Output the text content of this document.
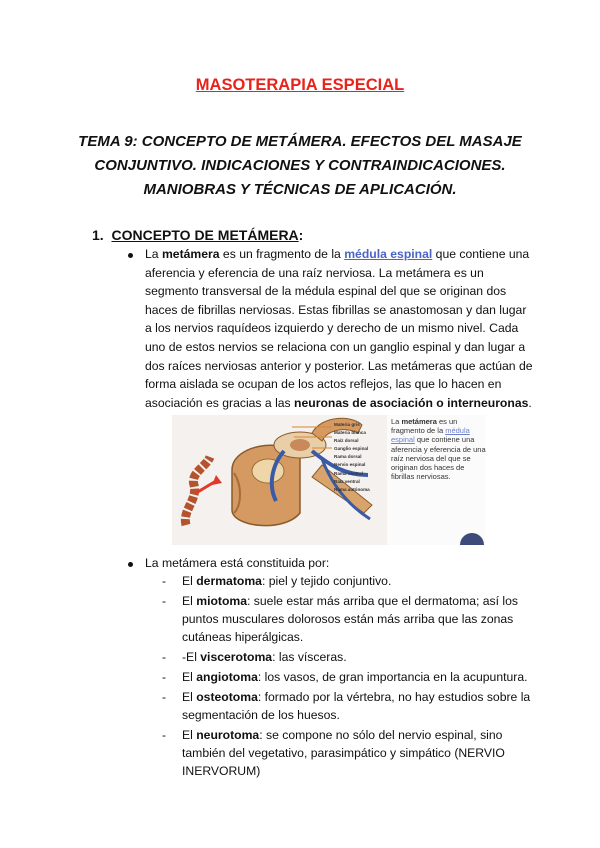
MASOTERAPIA ESPECIAL
TEMA 9: CONCEPTO DE METÁMERA. EFECTOS DEL MASAJE
CONJUNTIVO. INDICACIONES Y CONTRAINDICACIONES.
MANIOBRAS Y TÉCNICAS DE APLICACIÓN.
1. CONCEPTO DE METÁMERA:

La metámera es un fragmento de la médula espinal que contiene una aferencia y eferencia de una raíz nerviosa. La metámera es un segmento transversal de la médula espinal del que se originan dos haces de fibrillas nerviosas. Estas fibrillas se anastomosan y dan lugar a los nervios raquídeos izquierdo y derecho de un mismo nivel. Cada uno de estos nervios se relaciona con un ganglio espinal y dan lugar a dos raíces nerviosas anterior y posterior. Las metámeras que actúan de forma aislada se ocupan de los actos reflejos, las que lo hacen en asociación es gracias a las neuronas de asociación o interneuronas.

Materia gris
Materia blanca
Raíz dorsal
Ganglio espinal
Rama dorsal
Nervio espinal
Rama ventral
Raíz ventral
Rama autónoma
La metámera es un fragmento de la médula espinal que contiene una aferencia y eferencia de una raíz nerviosa del que se originan dos haces de fibrillas nerviosas.

La metámera está constituida por:

- El dermatoma: piel y tejido conjuntivo.
- El miotoma: suele estar más arriba que el dermatoma; así los puntos musculares dolorosos están más arriba que las zonas cutáneas hiperálgicas.
- -El viscerotoma: las vísceras.
- El angiotoma: los vasos, de gran importancia en la acupuntura.
- El osteotoma: formado por la vértebra, no hay estudios sobre la segmentación de los huesos.
- El neurotoma: se compone no sólo del nervio espinal, sino también del vegetativo, parasimpático y simpático (NERVIO INERVORUM)
